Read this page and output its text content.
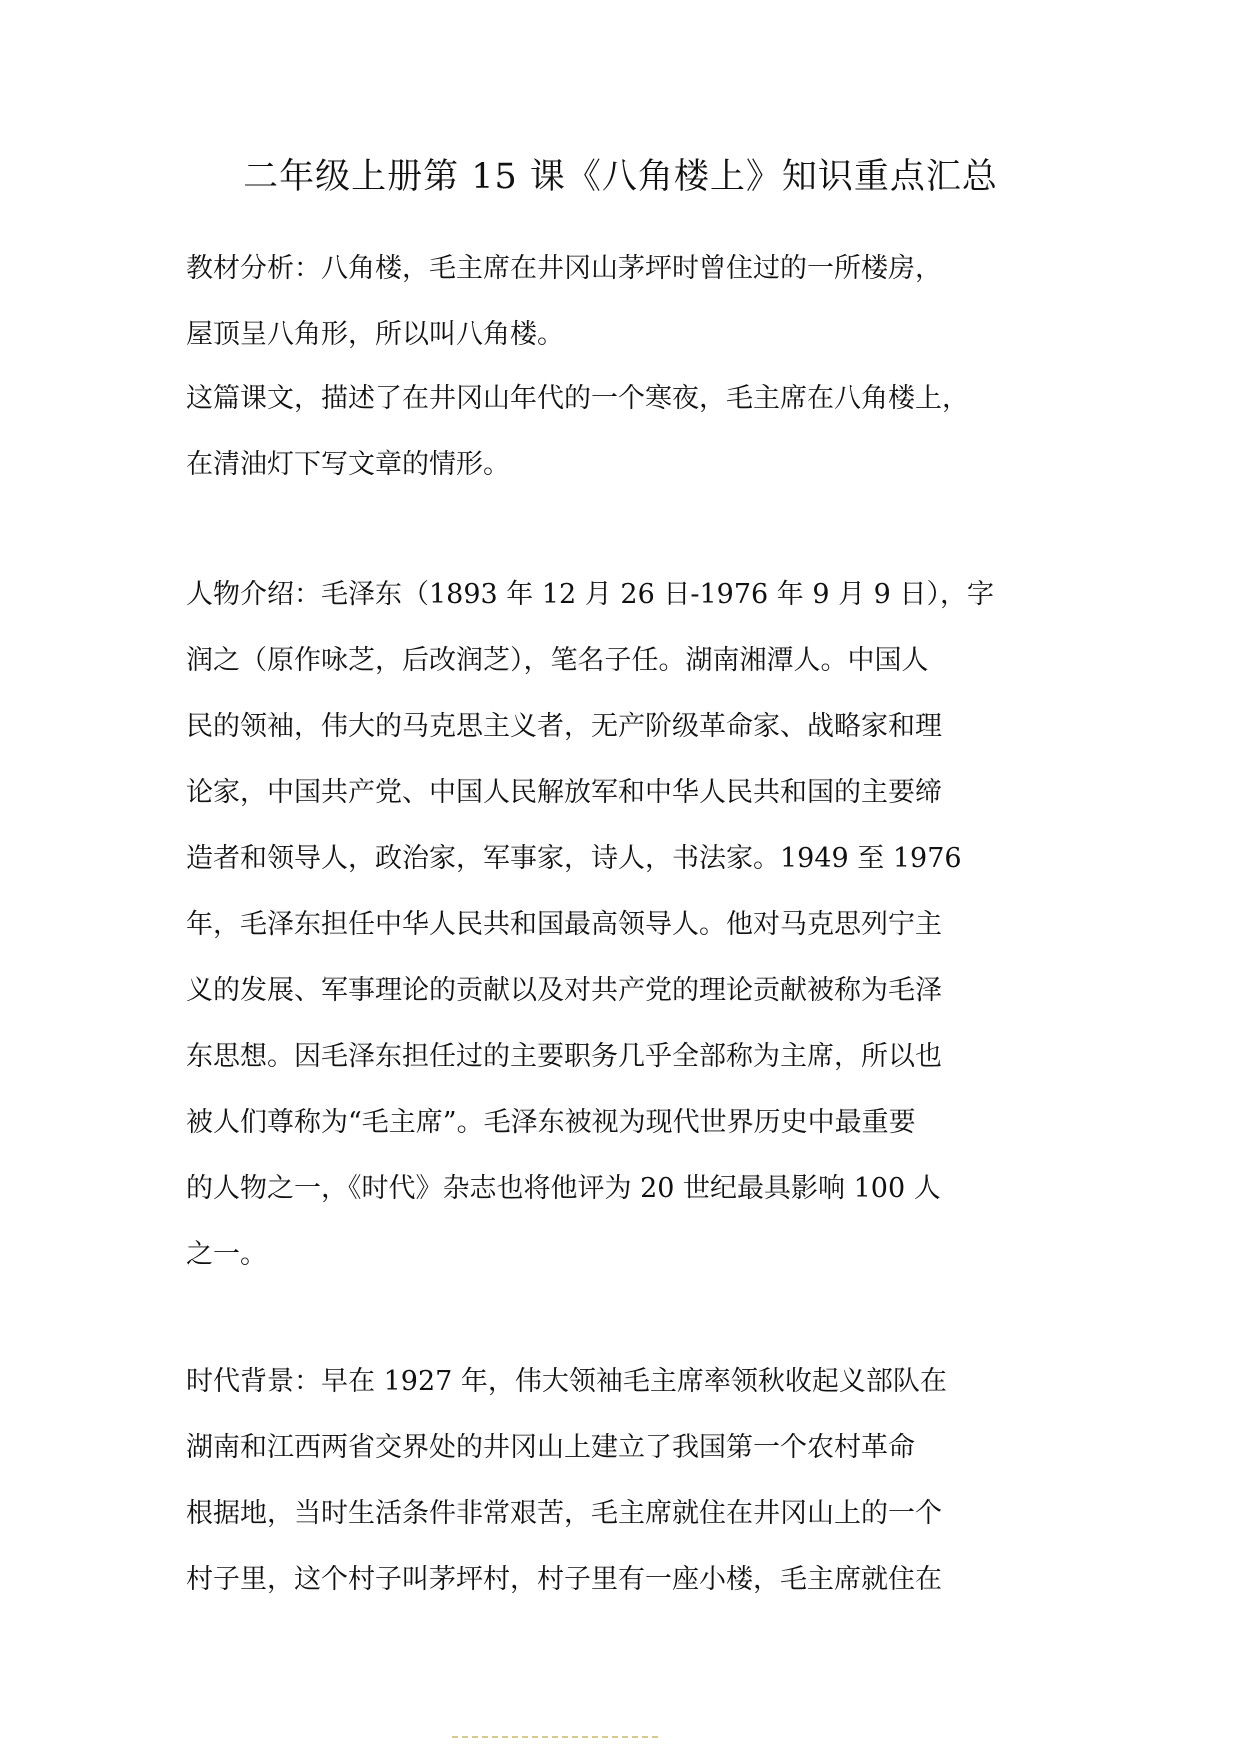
二年级上册第 15 课《八角楼上》知识重点汇总
教材分析：八角楼，毛主席在井冈山茅坪时曾住过的一所楼房，
屋顶呈八角形，所以叫八角楼。
这篇课文，描述了在井冈山年代的一个寒夜，毛主席在八角楼上，
在清油灯下写文章的情形。
人物介绍：毛泽东（1893 年 12 月 26 日-1976 年 9 月 9 日），字
润之（原作咏芝，后改润芝），笔名子任。湖南湘潭人。中国人
民的领袖，伟大的马克思主义者，无产阶级革命家、战略家和理
论家，中国共产党、中国人民解放军和中华人民共和国的主要缔
造者和领导人，政治家，军事家，诗人，书法家。1949 至 1976
年，毛泽东担任中华人民共和国最高领导人。他对马克思列宁主
义的发展、军事理论的贡献以及对共产党的理论贡献被称为毛泽
东思想。因毛泽东担任过的主要职务几乎全部称为主席，所以也
被人们尊称为“毛主席”。毛泽东被视为现代世界历史中最重要
的人物之一，《时代》杂志也将他评为 20 世纪最具影响 100 人
之一。
时代背景：早在 1927 年，伟大领袖毛主席率领秋收起义部队在
湖南和江西两省交界处的井冈山上建立了我国第一个农村革命
根据地，当时生活条件非常艰苦，毛主席就住在井冈山上的一个
村子里，这个村子叫茅坪村，村子里有一座小楼，毛主席就住在
